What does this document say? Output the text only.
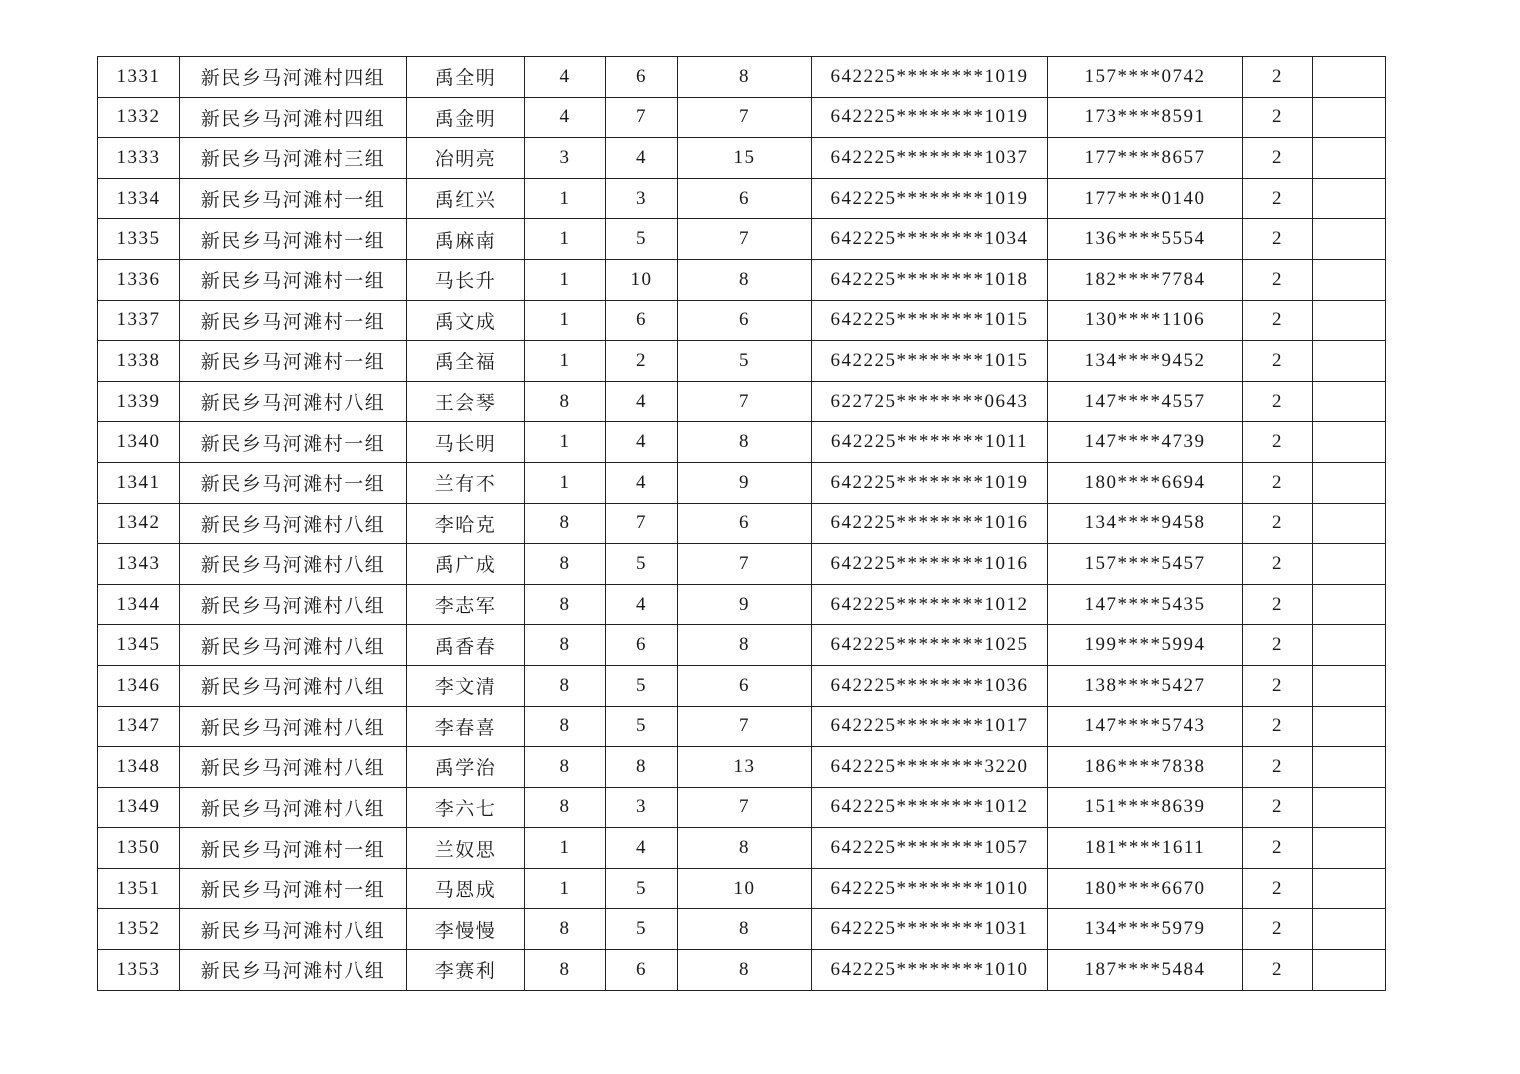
1331	新民乡马河滩村四组	禹全明	4	6	8	642225********1019	157****0742	2	
1332	新民乡马河滩村四组	禹金明	4	7	7	642225********1019	173****8591	2	
1333	新民乡马河滩村三组	冶明亮	3	4	15	642225********1037	177****8657	2	
1334	新民乡马河滩村一组	禹红兴	1	3	6	642225********1019	177****0140	2	
1335	新民乡马河滩村一组	禹麻南	1	5	7	642225********1034	136****5554	2	
1336	新民乡马河滩村一组	马长升	1	10	8	642225********1018	182****7784	2	
1337	新民乡马河滩村一组	禹文成	1	6	6	642225********1015	130****1106	2	
1338	新民乡马河滩村一组	禹全福	1	2	5	642225********1015	134****9452	2	
1339	新民乡马河滩村八组	王会琴	8	4	7	622725********0643	147****4557	2	
1340	新民乡马河滩村一组	马长明	1	4	8	642225********1011	147****4739	2	
1341	新民乡马河滩村一组	兰有不	1	4	9	642225********1019	180****6694	2	
1342	新民乡马河滩村八组	李哈克	8	7	6	642225********1016	134****9458	2	
1343	新民乡马河滩村八组	禹广成	8	5	7	642225********1016	157****5457	2	
1344	新民乡马河滩村八组	李志军	8	4	9	642225********1012	147****5435	2	
1345	新民乡马河滩村八组	禹香春	8	6	8	642225********1025	199****5994	2	
1346	新民乡马河滩村八组	李文清	8	5	6	642225********1036	138****5427	2	
1347	新民乡马河滩村八组	李春喜	8	5	7	642225********1017	147****5743	2	
1348	新民乡马河滩村八组	禹学治	8	8	13	642225********3220	186****7838	2	
1349	新民乡马河滩村八组	李六七	8	3	7	642225********1012	151****8639	2	
1350	新民乡马河滩村一组	兰奴思	1	4	8	642225********1057	181****1611	2	
1351	新民乡马河滩村一组	马恩成	1	5	10	642225********1010	180****6670	2	
1352	新民乡马河滩村八组	李慢慢	8	5	8	642225********1031	134****5979	2	
1353	新民乡马河滩村八组	李赛利	8	6	8	642225********1010	187****5484	2	
